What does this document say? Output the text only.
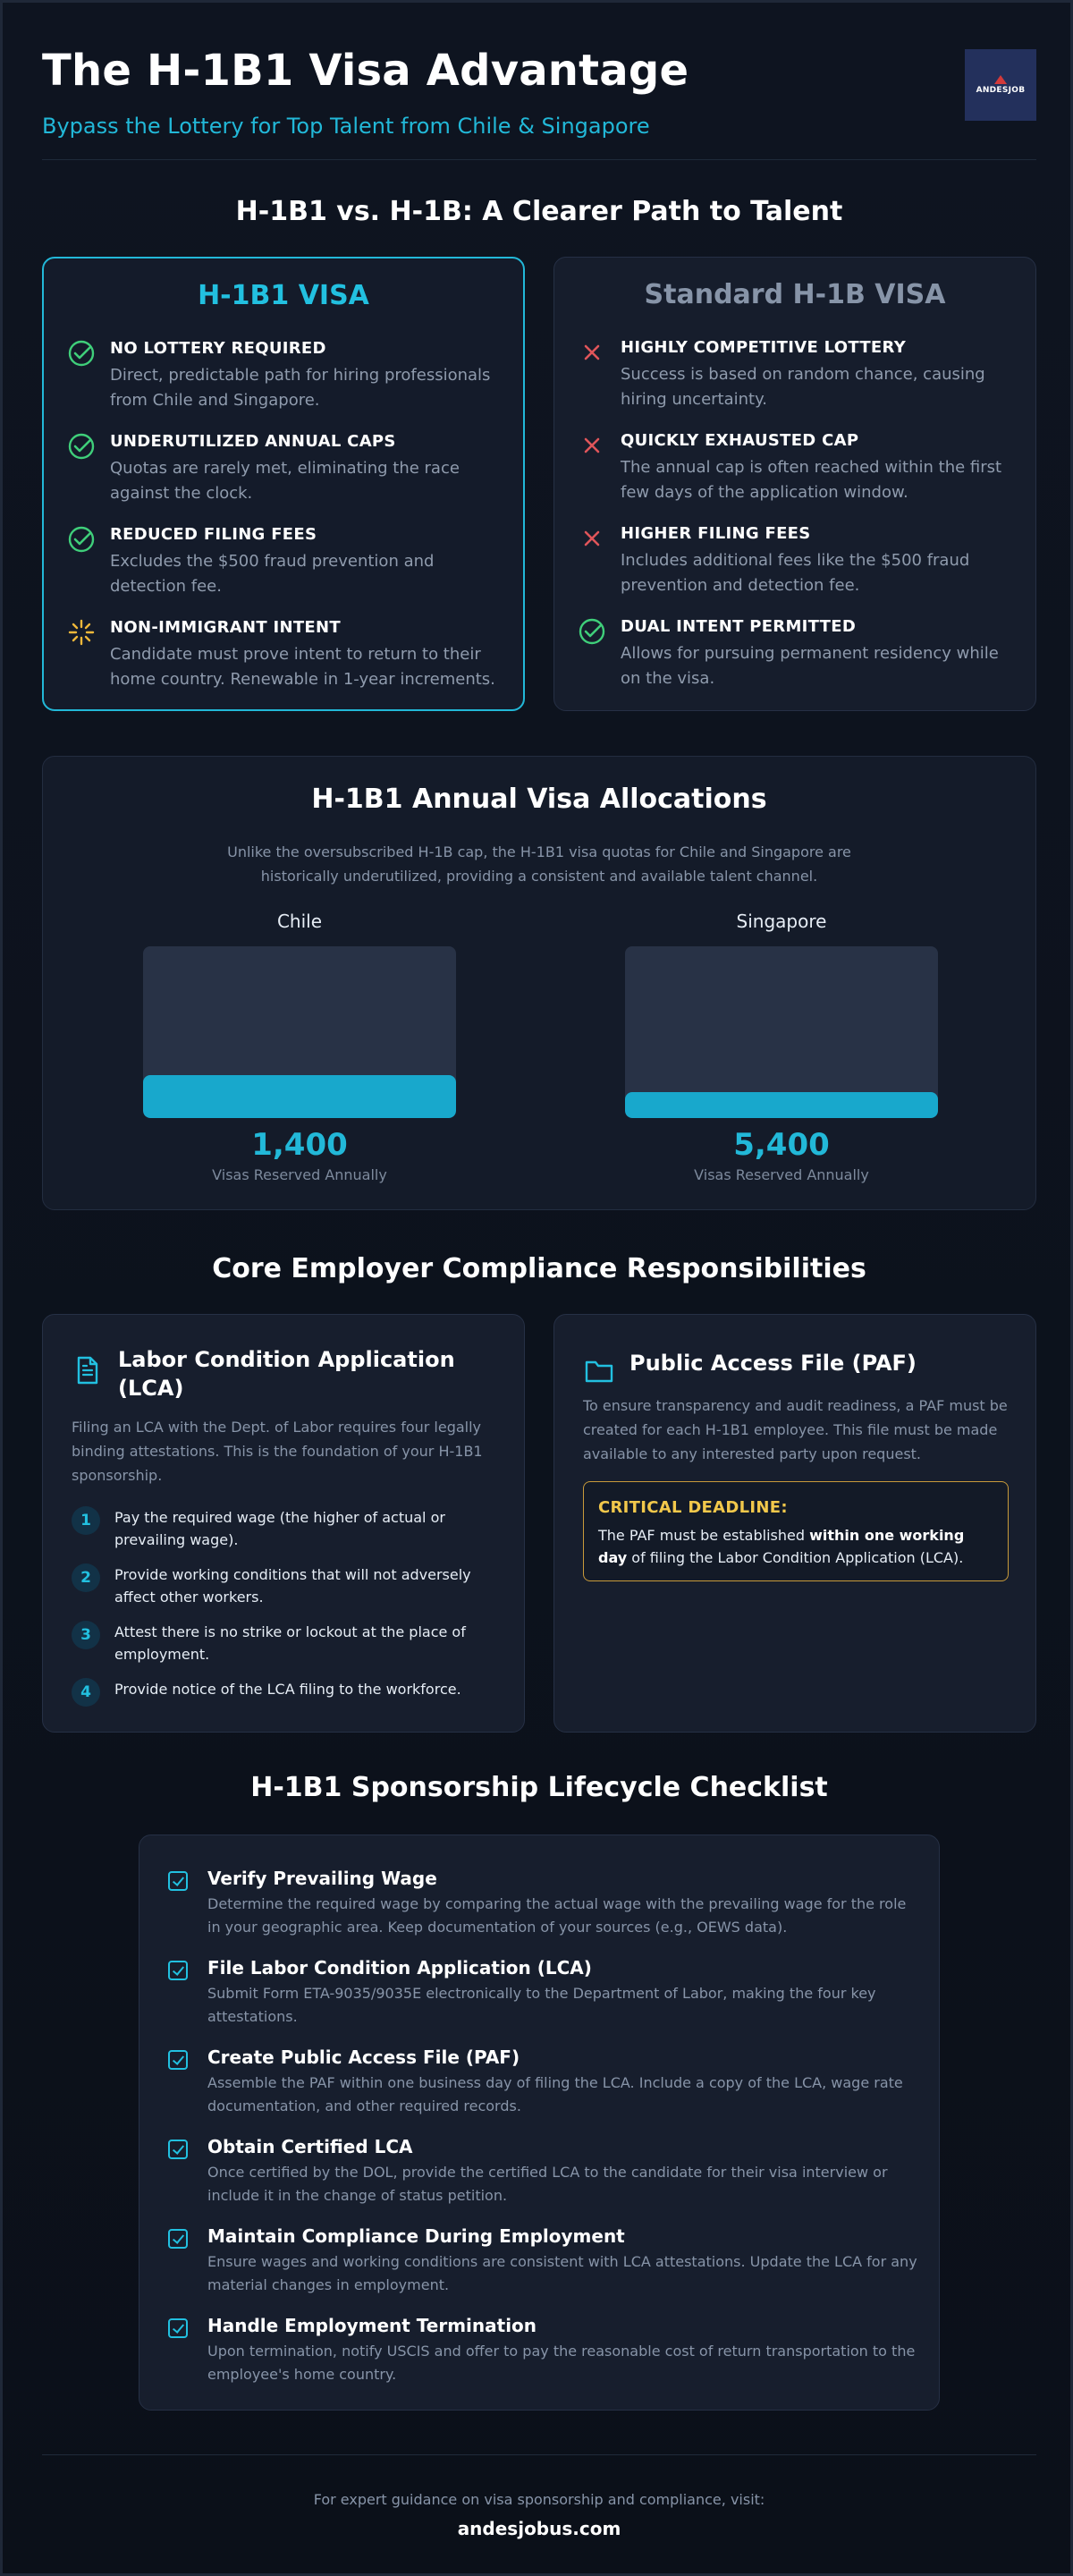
The H-1B1 Visa Advantage
Bypass the Lottery for Top Talent from Chile & Singapore
ANDESJOB
H-1B1 vs. H-1B: A Clearer Path to Talent
H-1B1 VISA
NO LOTTERY REQUIRED
Direct, predictable path for hiring professionals from Chile and Singapore.
UNDERUTILIZED ANNUAL CAPS
Quotas are rarely met, eliminating the race against the clock.
REDUCED FILING FEES
Excludes the $500 fraud prevention and detection fee.
NON-IMMIGRANT INTENT
Candidate must prove intent to return to their home country. Renewable in 1-year increments.
Standard H-1B VISA
HIGHLY COMPETITIVE LOTTERY
Success is based on random chance, causing hiring uncertainty.
QUICKLY EXHAUSTED CAP
The annual cap is often reached within the first few days of the application window.
HIGHER FILING FEES
Includes additional fees like the $500 fraud prevention and detection fee.
DUAL INTENT PERMITTED
Allows for pursuing permanent residency while on the visa.
H-1B1 Annual Visa Allocations
Unlike the oversubscribed H-1B cap, the H-1B1 visa quotas for Chile and Singapore are historically underutilized, providing a consistent and available talent channel.
Chile
1,400
Visas Reserved Annually
Singapore
5,400
Visas Reserved Annually
Core Employer Compliance Responsibilities
Labor Condition Application (LCA)
Filing an LCA with the Dept. of Labor requires four legally binding attestations. This is the foundation of your H-1B1 sponsorship.
1	Pay the required wage (the higher of actual or prevailing wage).
2	Provide working conditions that will not adversely affect other workers.
3	Attest there is no strike or lockout at the place of employment.
4	Provide notice of the LCA filing to the workforce.
Public Access File (PAF)
To ensure transparency and audit readiness, a PAF must be created for each H-1B1 employee. This file must be made available to any interested party upon request.
CRITICAL DEADLINE:
The PAF must be established within one working day of filing the Labor Condition Application (LCA).
H-1B1 Sponsorship Lifecycle Checklist
Verify Prevailing Wage
Determine the required wage by comparing the actual wage with the prevailing wage for the role in your geographic area. Keep documentation of your sources (e.g., OEWS data).
File Labor Condition Application (LCA)
Submit Form ETA-9035/9035E electronically to the Department of Labor, making the four key attestations.
Create Public Access File (PAF)
Assemble the PAF within one business day of filing the LCA. Include a copy of the LCA, wage rate documentation, and other required records.
Obtain Certified LCA
Once certified by the DOL, provide the certified LCA to the candidate for their visa interview or include it in the change of status petition.
Maintain Compliance During Employment
Ensure wages and working conditions are consistent with LCA attestations. Update the LCA for any material changes in employment.
Handle Employment Termination
Upon termination, notify USCIS and offer to pay the reasonable cost of return transportation to the employee's home country.
For expert guidance on visa sponsorship and compliance, visit:
andesjobus.com
